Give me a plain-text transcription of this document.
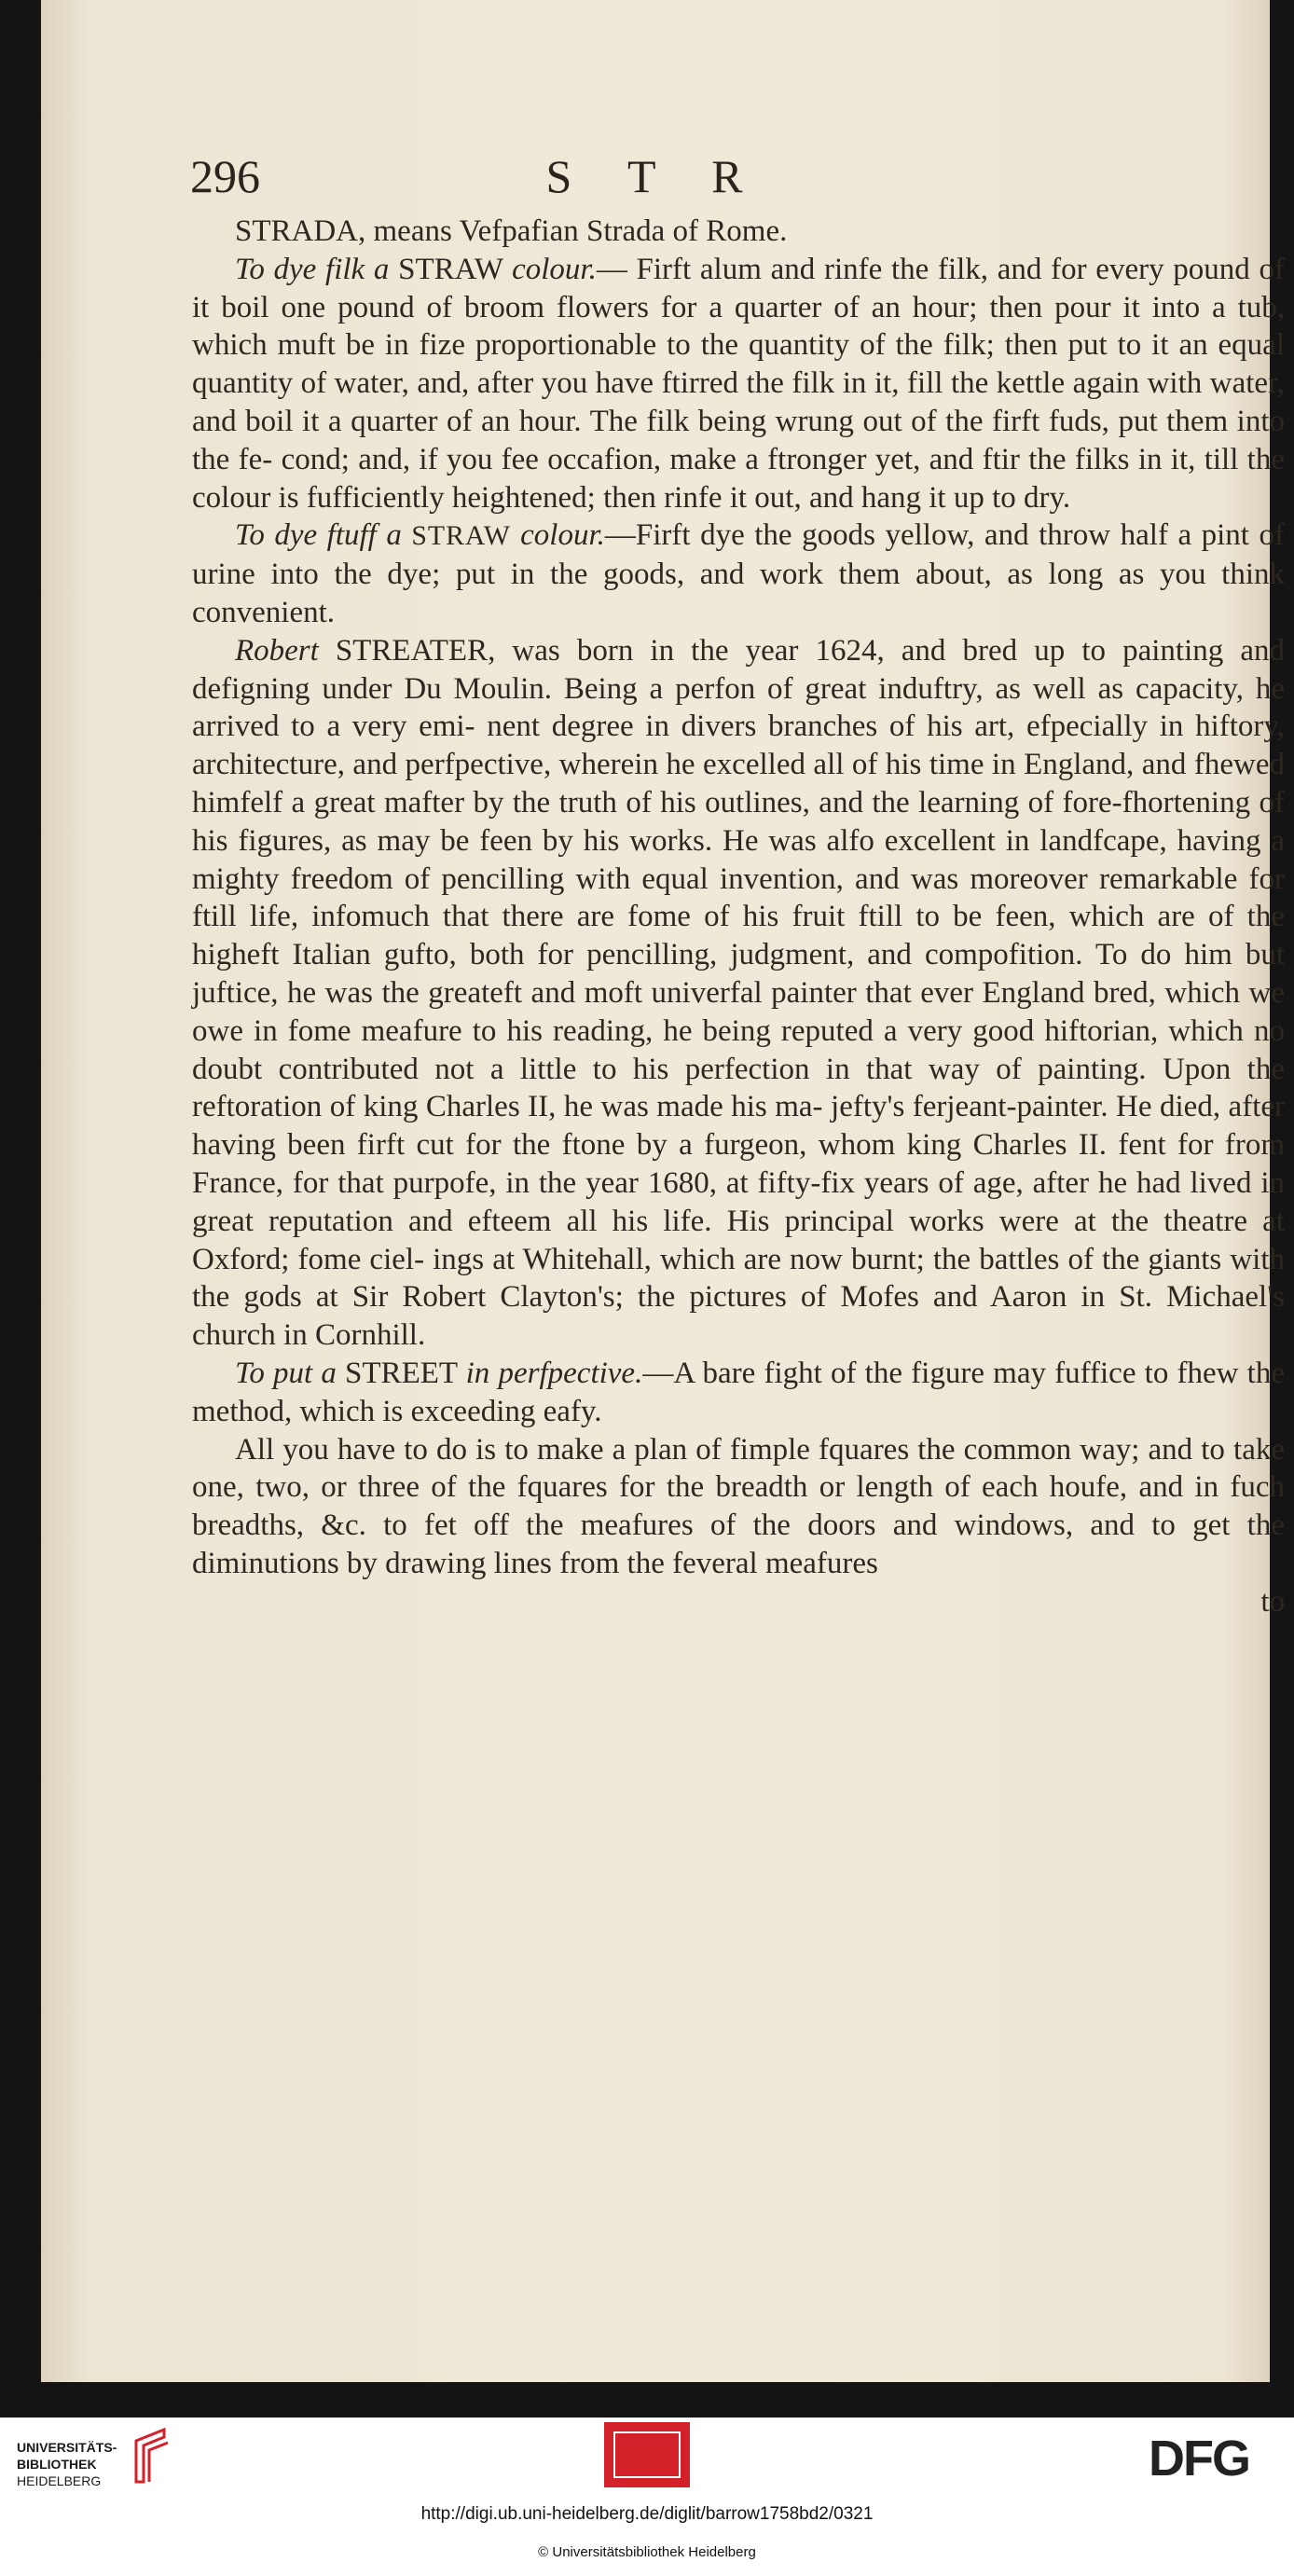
296	S T R

STRADA, means Vefpafian Strada of Rome.

To dye filk a STRAW colour.— Firft alum and rinfe the filk, and for every pound of it boil one pound of broom flowers for a quarter of an hour; then pour it into a tub, which muft be in fize proportionable to the quantity of the filk; then put to it an equal quantity of water, and, after you have ftirred the filk in it, fill the kettle again with water, and boil it a quarter of an hour. The filk being wrung out of the firft fuds, put them into the fe- cond; and, if you fee occafion, make a ftronger yet, and ftir the filks in it, till the colour is fufficiently heightened; then rinfe it out, and hang it up to dry.

To dye ftuff a STRAW colour.—Firft dye the goods yellow, and throw half a pint of urine into the dye; put in the goods, and work them about, as long as you think convenient.

Robert STREATER, was born in the year 1624, and bred up to painting and defigning under Du Moulin. Being a perfon of great induftry, as well as capacity, he arrived to a very emi- nent degree in divers branches of his art, efpecially in hiftory, architecture, and perfpective, wherein he excelled all of his time in England, and fhewed himfelf a great mafter by the truth of his outlines, and the learning of fore-fhortening of his figures, as may be feen by his works. He was alfo excellent in landfcape, having a mighty freedom of pencilling with equal invention, and was moreover remarkable for ftill life, infomuch that there are fome of his fruit ftill to be feen, which are of the higheft Italian gufto, both for pencilling, judgment, and compofition. To do him but juftice, he was the greateft and moft univerfal painter that ever England bred, which we owe in fome meafure to his reading, he being reputed a very good hiftorian, which no doubt contributed not a little to his perfection in that way of painting. Upon the reftoration of king Charles II, he was made his ma- jefty's ferjeant-painter. He died, after having been firft cut for the ftone by a furgeon, whom king Charles II. fent for from France, for that purpofe, in the year 1680, at fifty-fix years of age, after he had lived in great reputation and efteem all his life. His principal works were at the theatre at Oxford; fome ciel- ings at Whitehall, which are now burnt; the battles of the giants with the gods at Sir Robert Clayton's; the pictures of Mofes and Aaron in St. Michael's church in Cornhill.

To put a STREET in perfpective.—A bare fight of the figure may fuffice to fhew the method, which is exceeding eafy.

All you have to do is to make a plan of fimple fquares the common way; and to take one, two, or three of the fquares for the breadth or length of each houfe, and in fuch breadths, &c. to fet off the meafures of the doors and windows, and to get the diminutions by drawing lines from the feveral meafures

to
UNIVERSITÄTS-
BIBLIOTHEK
HEIDELBERG	DFG
http://digi.ub.uni-heidelberg.de/diglit/barrow1758bd2/0321
© Universitätsbibliothek Heidelberg
